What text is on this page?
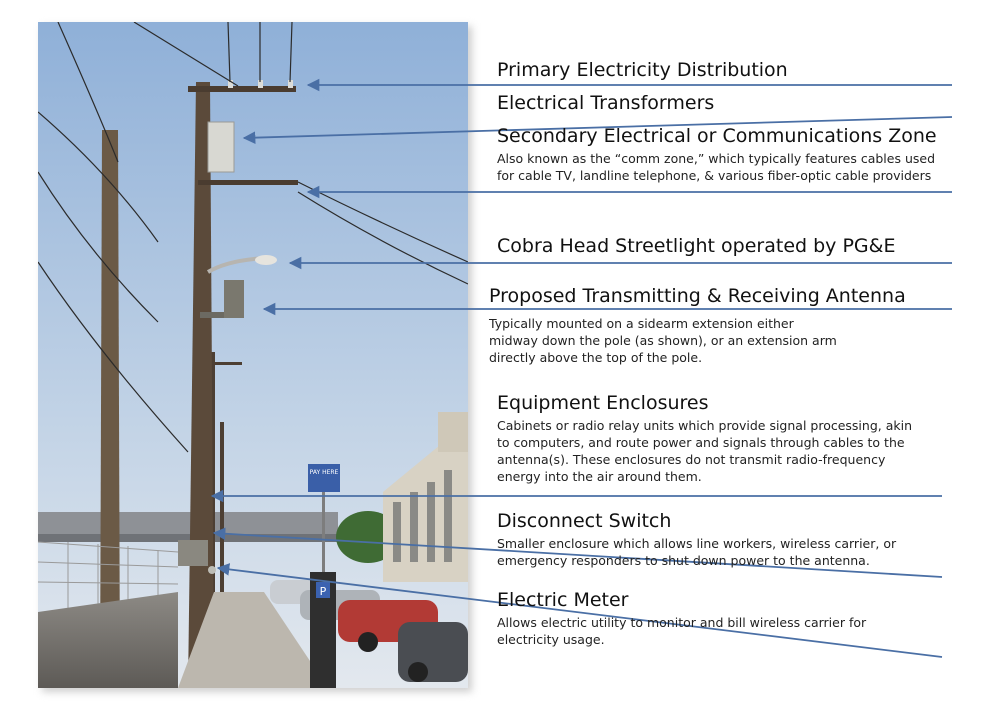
PAY HERE
P
Primary Electricity Distribution
Electrical Transformers
Secondary Electrical or Communications Zone
Also known as the “comm zone,” which typically features cables used
for cable TV, landline telephone, & various fiber-optic cable providers
Cobra Head Streetlight operated by PG&E
Proposed Transmitting & Receiving Antenna
Typically mounted on a sidearm extension either
midway down the pole (as shown), or an extension arm
directly above the top of the pole.
Equipment Enclosures
Cabinets or radio relay units which provide signal processing, akin
to computers, and route power and signals through cables to the
antenna(s). These enclosures do not transmit radio-frequency
energy into the air around them.
Disconnect Switch
Smaller enclosure which allows line workers, wireless carrier, or
emergency responders to shut down power to the antenna.
Electric Meter
Allows electric utility to monitor and bill wireless carrier for
electricity usage.
